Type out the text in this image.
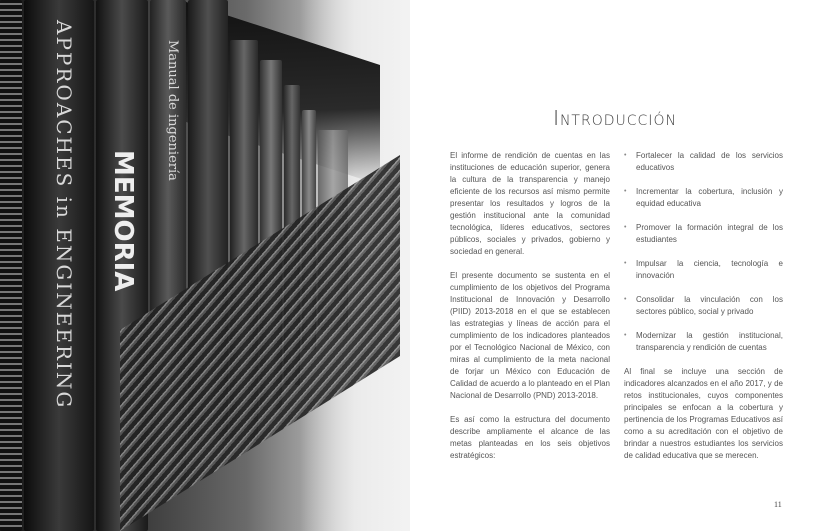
APPROACHES in ENGINEERING MEMORIA
Manual de ingeniería	Introducción

El informe de rendición de cuentas en las instituciones de educación superior, genera la cultura de la transparencia y manejo eficiente de los recursos así mismo permite presentar los resultados y logros de la gestión institucional ante la comunidad tecnológica, líderes educativos, sectores públicos, sociales y privados, gobierno y sociedad en general.

El presente documento se sustenta en el cumplimiento de los objetivos del Programa Institucional de Innovación y Desarrollo (PIID) 2013-2018 en el que se establecen las estrategias y líneas de acción para el cumplimiento de los indicadores planteados por el Tecnológico Nacional de México, con miras al cumplimiento de la meta nacional de forjar un México con Educación de Calidad de acuerdo a lo planteado en el Plan Nacional de Desarrollo (PND) 2013-2018.

Es así como la estructura del documento describe ampliamente el alcance de las metas planteadas en los seis objetivos estratégicos:

• Fortalecer la calidad de los servicios educativos
• Incrementar la cobertura, inclusión y equidad educativa
• Promover la formación integral de los estudiantes
• Impulsar la ciencia, tecnología e innovación
• Consolidar la vinculación con los sectores público, social y privado
• Modernizar la gestión institucional, transparencia y rendición de cuentas

Al final se incluye una sección de indicadores alcanzados en el año 2017, y de retos institucionales, cuyos componentes principales se enfocan a la cobertura y pertinencia de los Programas Educativos así como a su acreditación con el objetivo de brindar a nuestros estudiantes los servicios de calidad educativa que se merecen.

11
